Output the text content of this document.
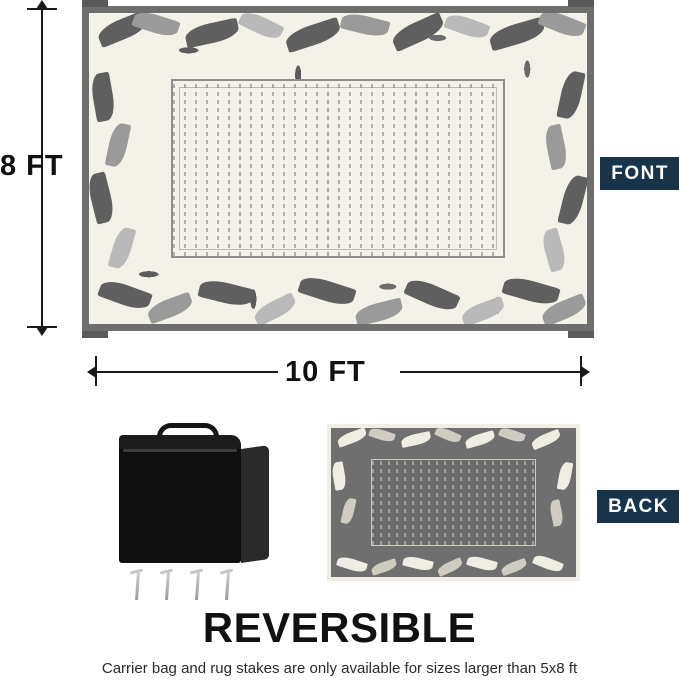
8 FT	FONT
10 FT
BACK
REVERSIBLE
Carrier bag and rug stakes are only available for sizes larger than 5x8 ft
